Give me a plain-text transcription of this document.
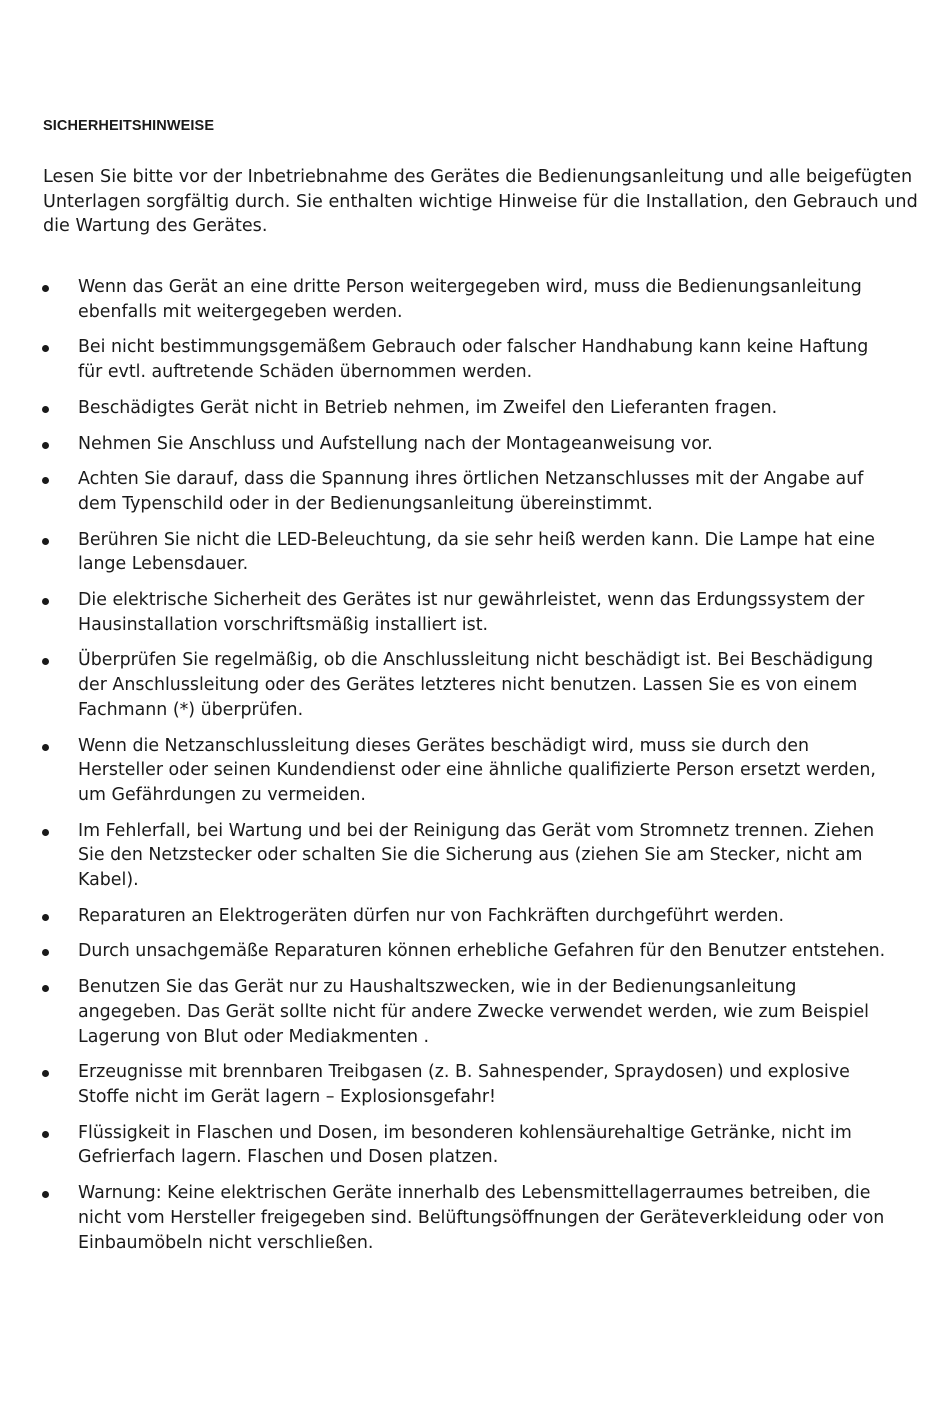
SICHERHEITSHINWEISE

Lesen Sie bitte vor der Inbetriebnahme des Gerätes die Bedienungsanleitung und alle beigefügten Unterlagen sorgfältig durch. Sie enthalten wichtige Hinweise für die Installation, den Gebrauch und die Wartung des Gerätes.

Wenn das Gerät an eine dritte Person weitergegeben wird, muss die Bedienungsanleitung ebenfalls mit weitergegeben werden.
Bei nicht bestimmungsgemäßem Gebrauch oder falscher Handhabung kann keine Haftung für evtl. auftretende Schäden übernommen werden.
Beschädigtes Gerät nicht in Betrieb nehmen, im Zweifel den Lieferanten fragen.
Nehmen Sie Anschluss und Aufstellung nach der Montageanweisung vor.
Achten Sie darauf, dass die Spannung ihres örtlichen Netzanschlusses mit der Angabe auf dem Typenschild oder in der Bedienungsanleitung übereinstimmt.
Berühren Sie nicht die LED-Beleuchtung, da sie sehr heiß werden kann. Die Lampe hat eine lange Lebensdauer.
Die elektrische Sicherheit des Gerätes ist nur gewährleistet, wenn das Erdungssystem der Hausinstallation vorschriftsmäßig installiert ist.
Überprüfen Sie regelmäßig, ob die Anschlussleitung nicht beschädigt ist. Bei Beschädigung der Anschlussleitung oder des Gerätes letzteres nicht benutzen. Lassen Sie es von einem Fachmann (*) überprüfen.
Wenn die Netzanschlussleitung dieses Gerätes beschädigt wird, muss sie durch den Hersteller oder seinen Kundendienst oder eine ähnliche qualifizierte Person ersetzt werden, um Gefährdungen zu vermeiden.
Im Fehlerfall, bei Wartung und bei der Reinigung das Gerät vom Stromnetz trennen. Ziehen Sie den Netzstecker oder schalten Sie die Sicherung aus (ziehen Sie am Stecker, nicht am Kabel).
Reparaturen an Elektrogeräten dürfen nur von Fachkräften durchgeführt werden.
Durch unsachgemäße Reparaturen können erhebliche Gefahren für den Benutzer entstehen.
Benutzen Sie das Gerät nur zu Haushaltszwecken, wie in der Bedienungsanleitung angegeben. Das Gerät sollte nicht für andere Zwecke verwendet werden, wie zum Beispiel Lagerung von Blut oder Mediakmenten .
Erzeugnisse mit brennbaren Treibgasen (z. B. Sahnespender, Spraydosen) und explosive Stoffe nicht im Gerät lagern – Explosionsgefahr!
Flüssigkeit in Flaschen und Dosen, im besonderen kohlensäurehaltige Getränke, nicht im Gefrierfach lagern. Flaschen und Dosen platzen.
Warnung: Keine elektrischen Geräte innerhalb des Lebensmittellagerraumes betreiben, die nicht vom Hersteller freigegeben sind. Belüftungsöffnungen der Geräteverkleidung oder von Einbaumöbeln nicht verschließen.
